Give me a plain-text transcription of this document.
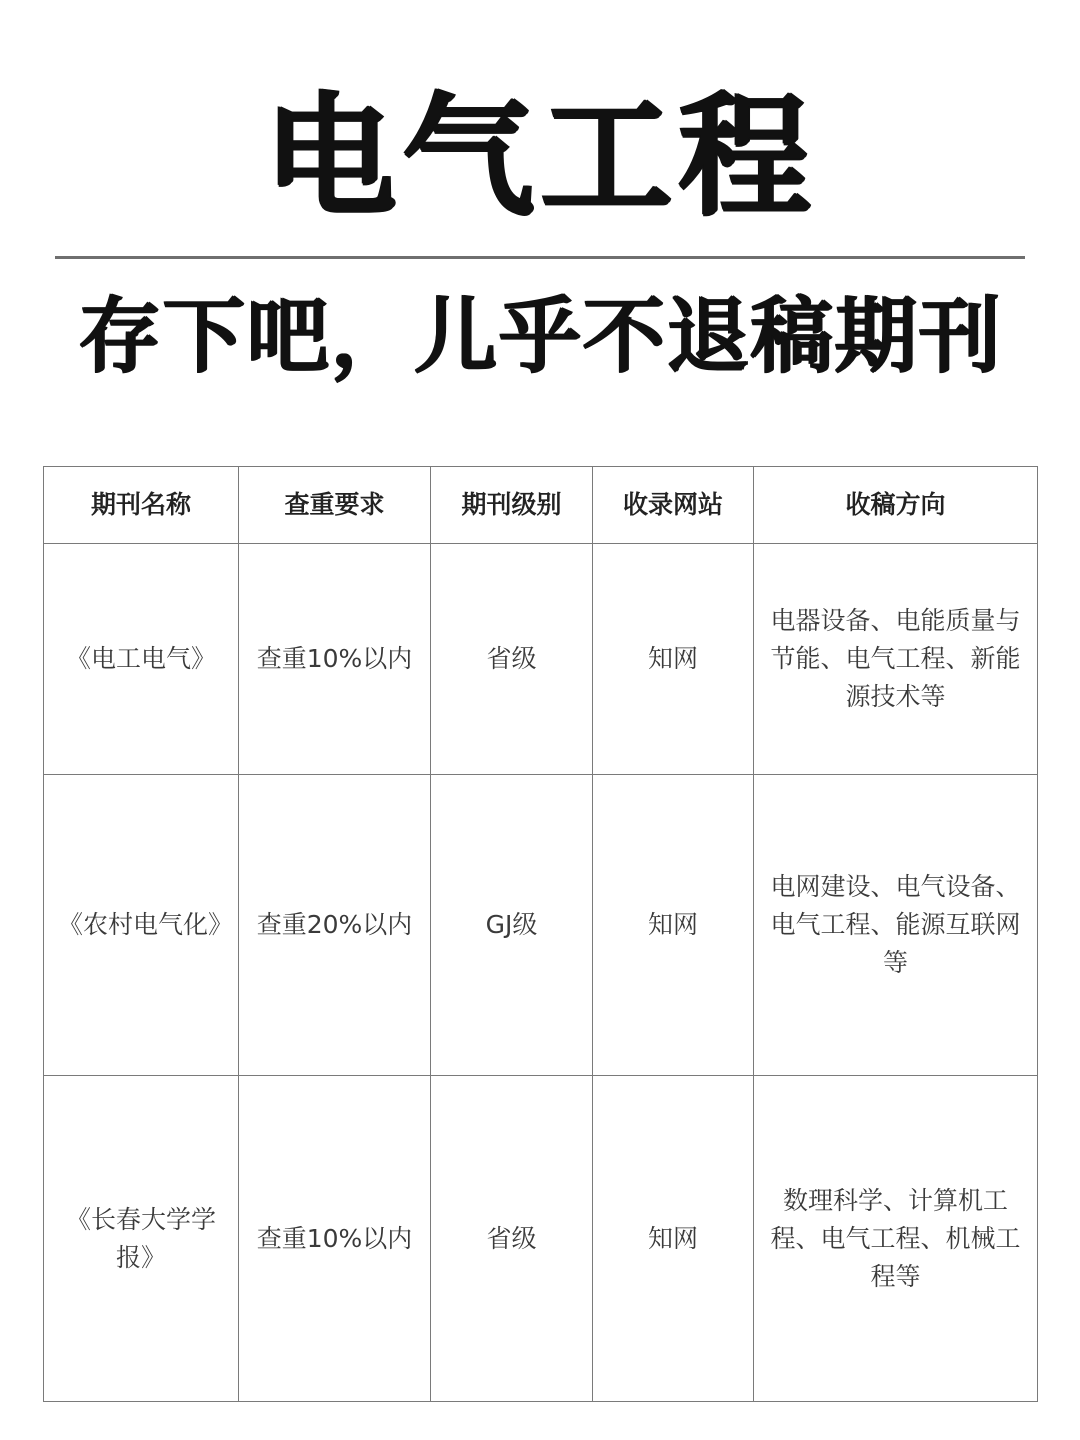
电气工程
存下吧，儿乎不退稿期刊
期刊名称	查重要求	期刊级别	收录网站	收稿方向
《电工电气》	查重10%以内	省级	知网	电器设备、电能质量与节能、电气工程、新能源技术等
《农村电气化》	查重20%以内	GJ级	知网	电网建设、电气设备、电气工程、能源互联网等
《长春大学学报》	查重10%以内	省级	知网	数理科学、计算机工程、电气工程、机械工程等
